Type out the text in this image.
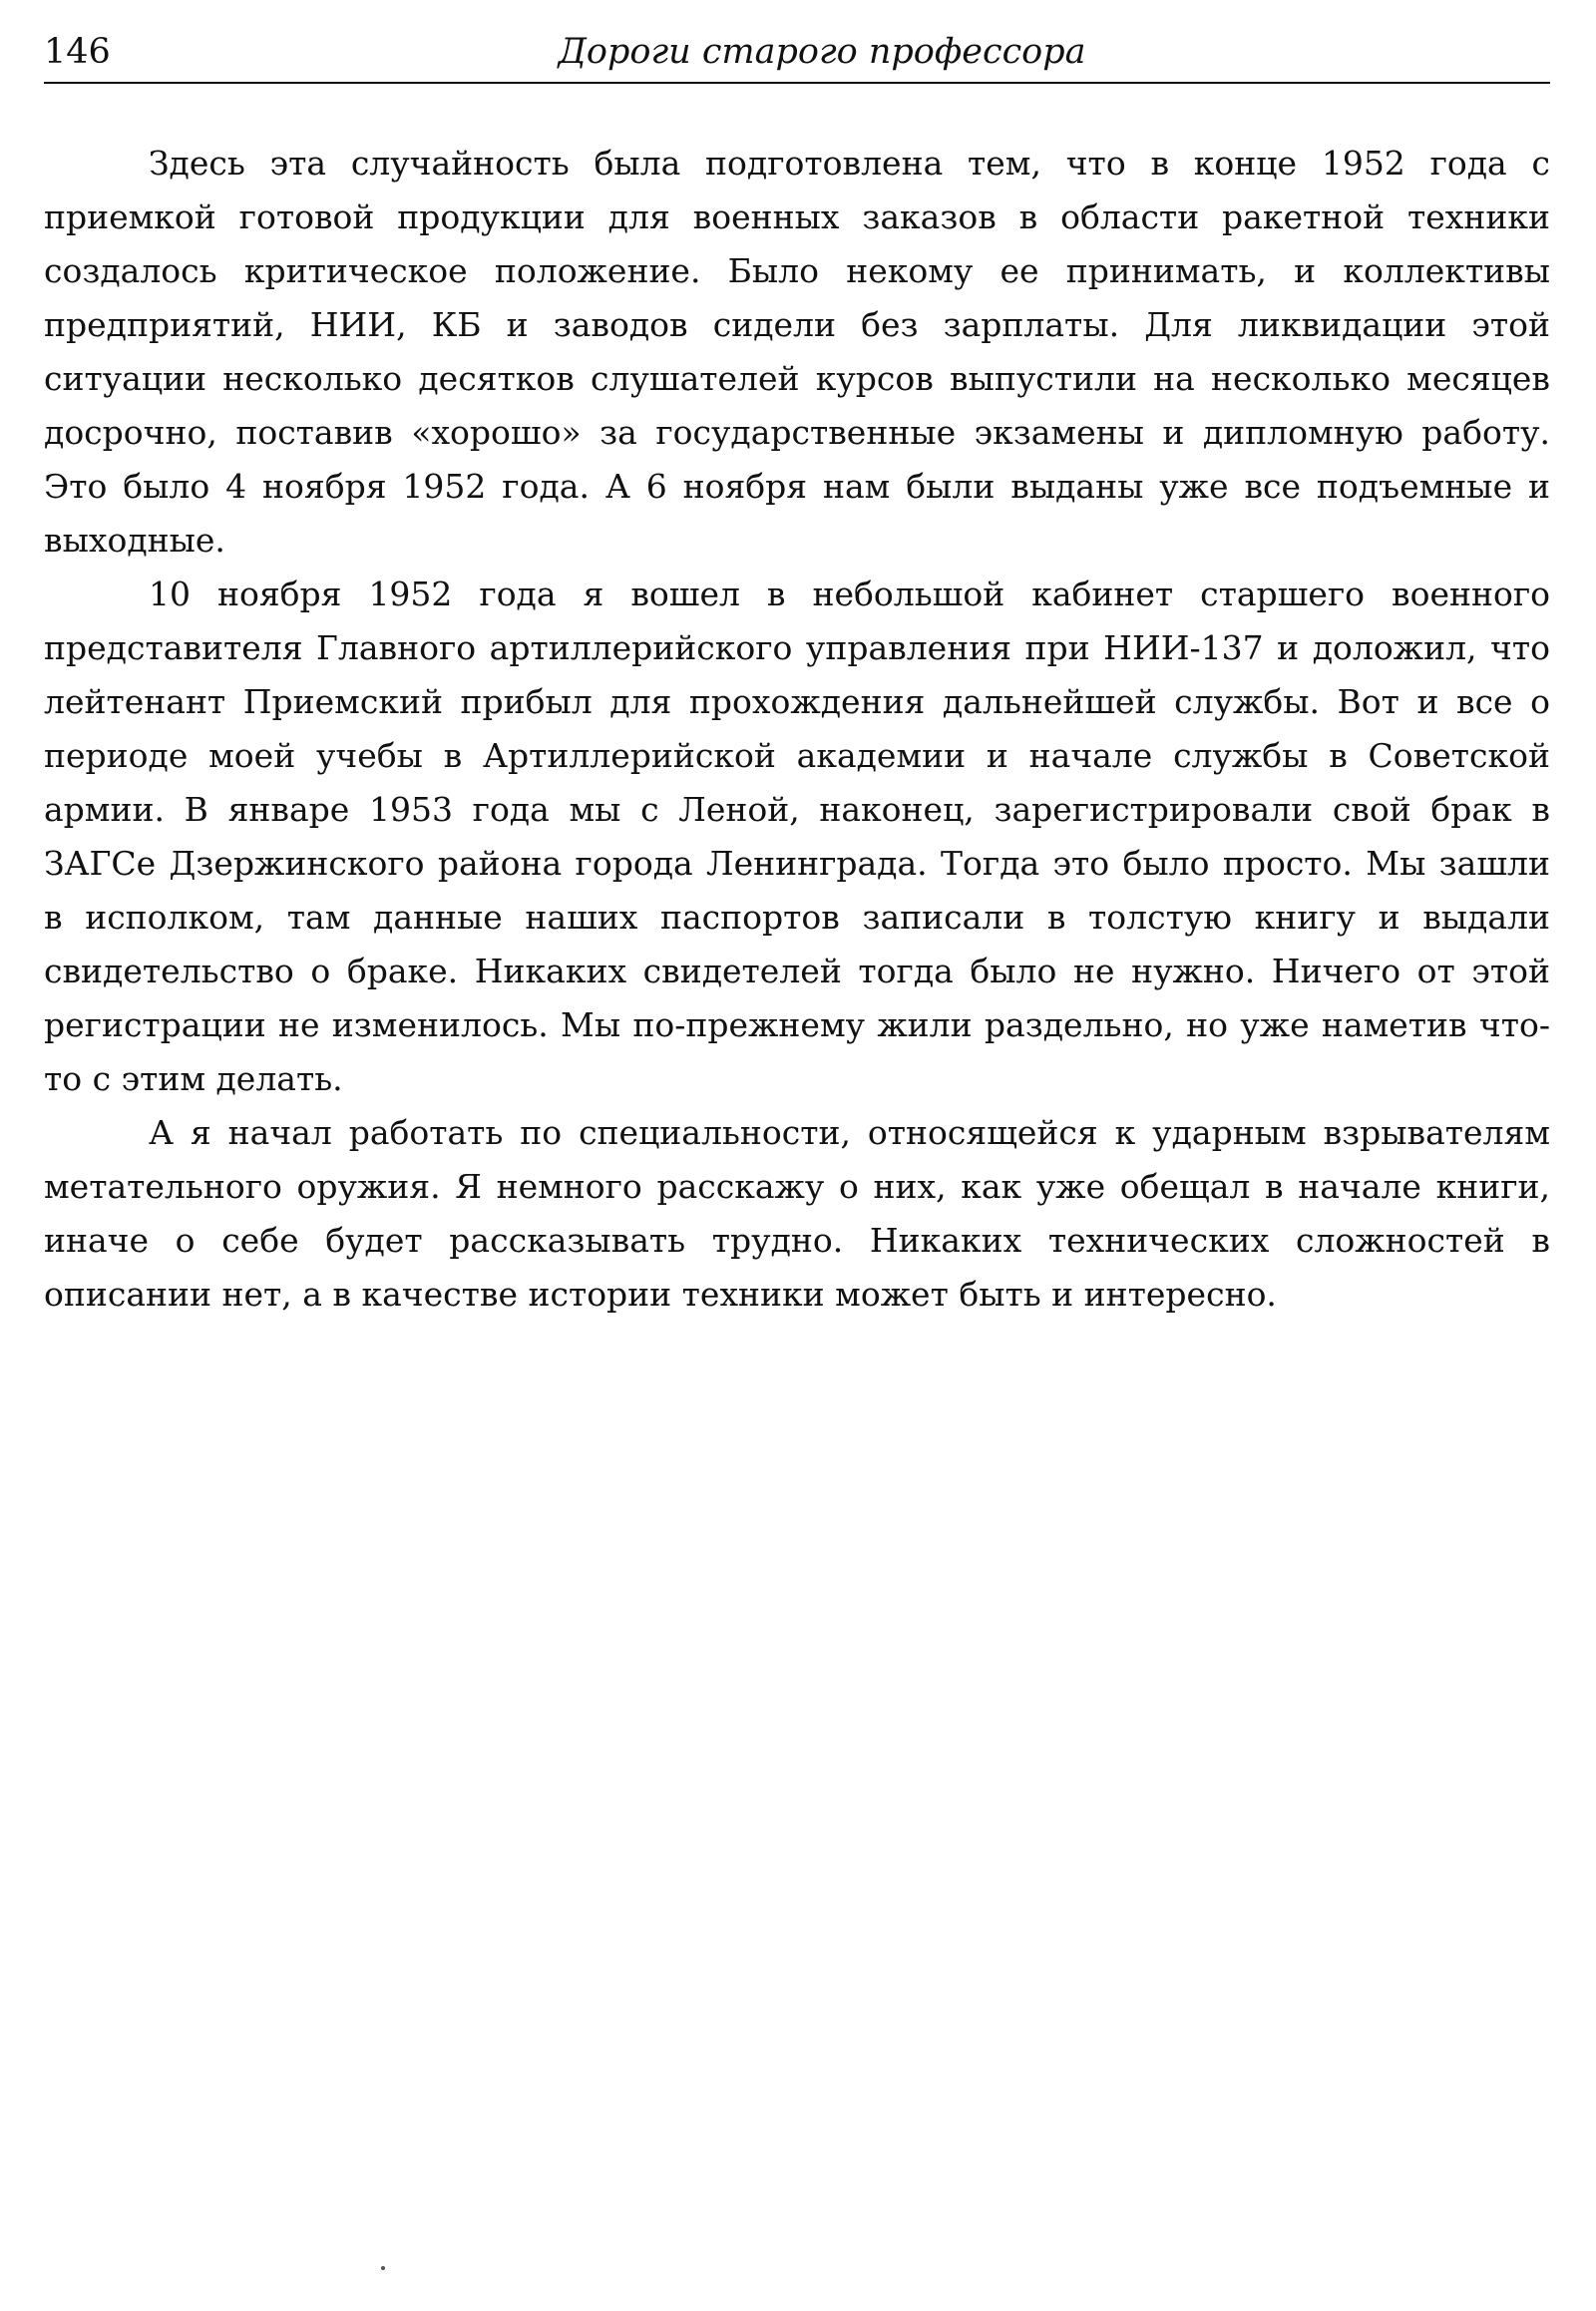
146	Дороги старого профессора

Здесь эта случайность была подготовлена тем, что в конце 1952 года с приемкой готовой продукции для военных заказов в области ракетной техники создалось критическое положение. Было некому ее принимать, и коллективы предприятий, НИИ, КБ и заводов сидели без зарплаты. Для ликвидации этой ситуации несколько десятков слушателей курсов выпустили на несколько месяцев досрочно, поставив «хорошо» за государственные экзамены и дипломную работу. Это было 4 ноября 1952 года. А 6 ноября нам были выданы уже все подъемные и выходные.

10 ноября 1952 года я вошел в небольшой кабинет старшего военного представителя Главного артиллерийского управления при НИИ-137 и доложил, что лейтенант Приемский прибыл для прохождения дальнейшей службы. Вот и все о периоде моей учебы в Артиллерийской академии и начале службы в Советской армии. В январе 1953 года мы с Леной, наконец, зарегистрировали свой брак в ЗАГСе Дзержинского района города Ленинграда. Тогда это было просто. Мы зашли в исполком, там данные наших паспортов записали в толстую книгу и выдали свидетельство о браке. Никаких свидетелей тогда было не нужно. Ничего от этой регистрации не изменилось. Мы по-прежнему жили раздельно, но уже наметив что-то с этим делать.

А я начал работать по специальности, относящейся к ударным взрывателям метательного оружия. Я немного расскажу о них, как уже обещал в начале книги, иначе о себе будет рассказывать трудно. Никаких технических сложностей в описании нет, а в качестве истории техники может быть и интересно.
